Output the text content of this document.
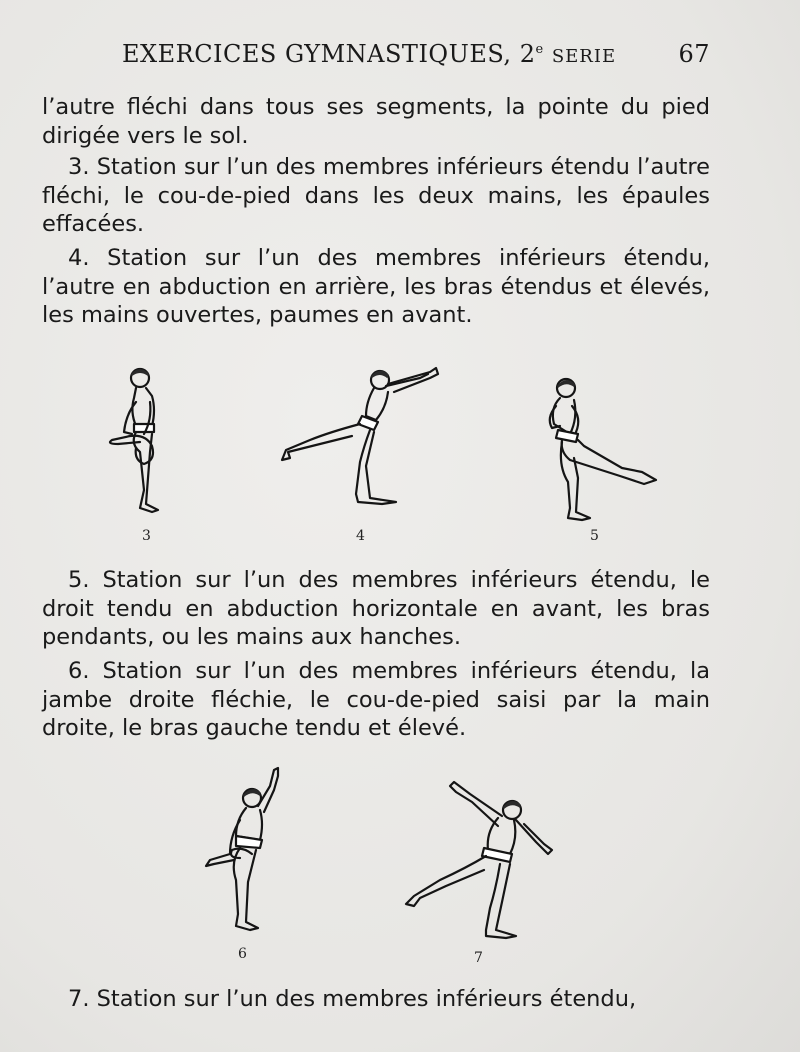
EXERCICES GYMNASTIQUES, 2e SERIE	67

l’autre fléchi dans tous ses segments, la pointe du pied dirigée vers le sol.

3. Station sur l’un des membres inférieurs étendu l’autre fléchi, le cou-de-pied dans les deux mains, les épaules effacées.

4. Station sur l’un des membres inférieurs étendu, l’autre en abduction en arrière, les bras étendus et élevés, les mains ouvertes, paumes en avant.

3	4	5

5. Station sur l’un des membres inférieurs étendu, le droit tendu en abduction horizontale en avant, les bras pendants, ou les mains aux hanches.

6. Station sur l’un des membres inférieurs étendu, la jambe droite fléchie, le cou-de-pied saisi par la main droite, le bras gauche tendu et élevé.

6	7

7. Station sur l’un des membres inférieurs étendu,
